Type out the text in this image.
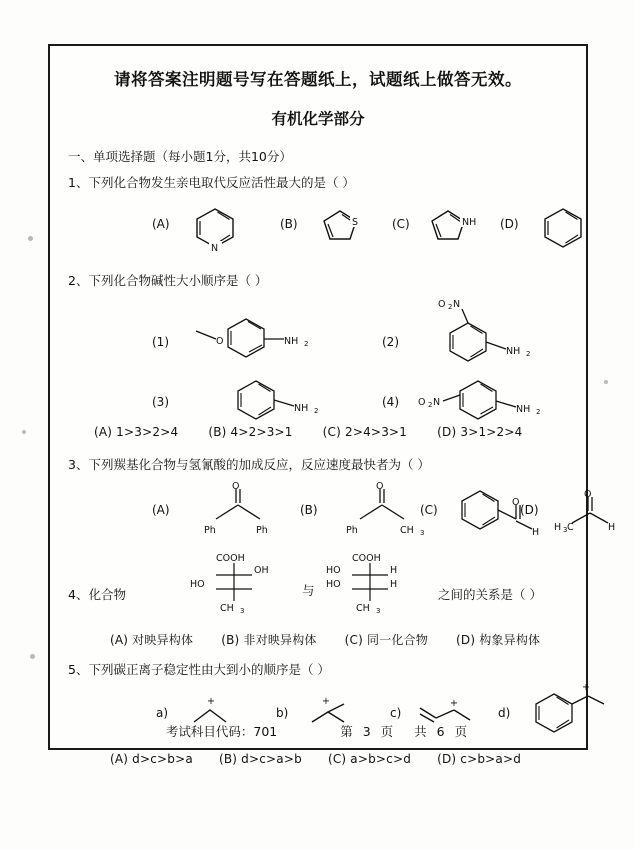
请将答案注明题号写在答题纸上，试题纸上做答无效。
有机化学部分
一、单项选择题（每小题1分，共10分）
1、下列化合物发生亲电取代反应活性最大的是（ ）
(A)
N
(B)	S	(C)	NH (D)
2、下列化合物碱性大小顺序是（ ）
(1)	O	NH 2	(2)
O 2 N
NH 2
(3)	NH 2
(4) O 2 N
NH 2
(A) 1>3>2>4	(B) 4>2>3>1	(C) 2>4>3>1	(D) 3>1>2>4
3、下列羰基化合物与氢氰酸的加成反应，反应速度最快者为（ ）
(A)
O
Ph	Ph
(B)
O
Ph	CH 3
(C)
O
H
(D)
O
H 3 C	H
COOH
OH
HO
CH 3
与
COOH
H
HO
HO	H
CH 3
4、化合物	之间的关系是（ ）
(A) 对映异构体 (B) 非对映异构体 (C) 同一化合物 (D) 构象异构体
5、下列碳正离子稳定性由大到小的顺序是（ ）
a)
+
b)
+
c)
+
d)
+
(A) d>c>b>a (B) d>c>a>b (C) a>b>c>d (D) c>b>a>d
考试科目代码：701	第 3 页 共 6 页
